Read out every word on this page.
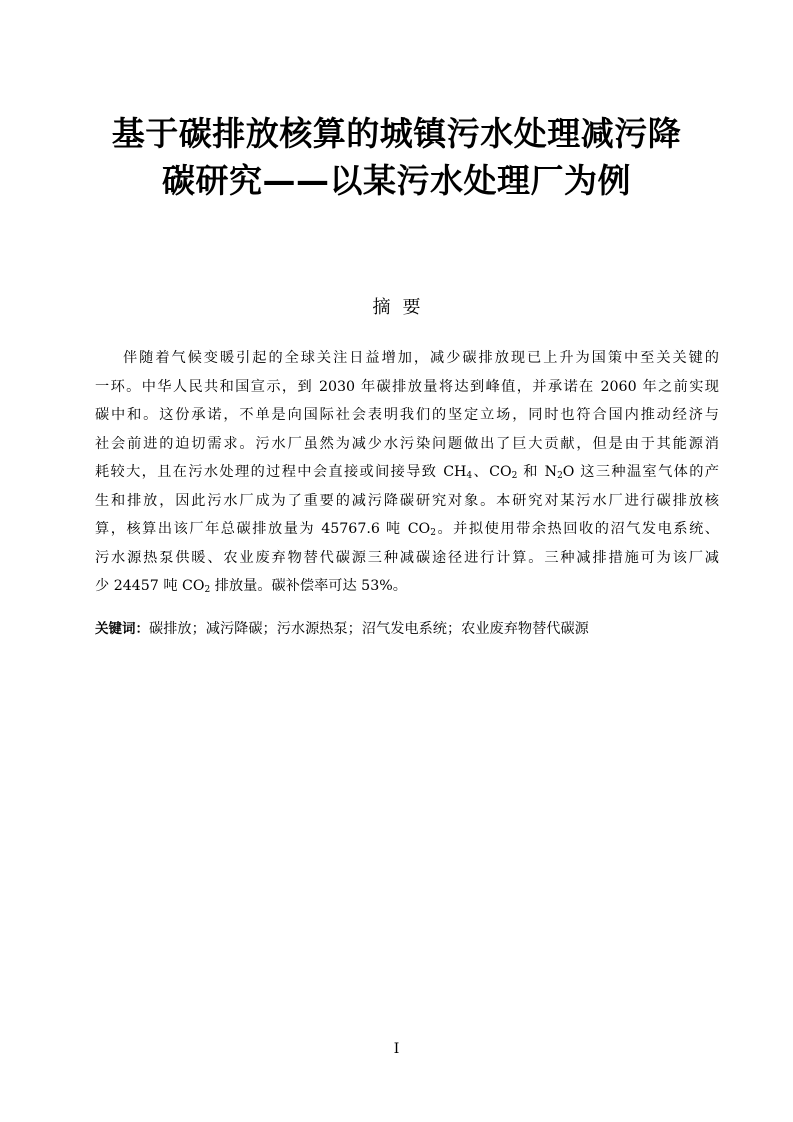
基于碳排放核算的城镇污水处理减污降
碳研究——以某污水处理厂为例
摘要
伴随着气候变暖引起的全球关注日益增加，减少碳排放现已上升为国策中至关关键的
一环。中华人民共和国宣示，到 2030 年碳排放量将达到峰值，并承诺在 2060 年之前实现
碳中和。这份承诺，不单是向国际社会表明我们的坚定立场，同时也符合国内推动经济与
社会前进的迫切需求。污水厂虽然为减少水污染问题做出了巨大贡献，但是由于其能源消
耗较大，且在污水处理的过程中会直接或间接导致 $CH_4$、$CO_2$ 和 $N_2O$ 这三种温室气体的产
生和排放，因此污水厂成为了重要的减污降碳研究对象。本研究对某污水厂进行碳排放核
算，核算出该厂年总碳排放量为 45767.6 吨 $CO_2$。并拟使用带余热回收的沼气发电系统、
污水源热泵供暖、农业废弃物替代碳源三种减碳途径进行计算。三种减排措施可为该厂减
少 24457 吨 $CO_2$ 排放量。碳补偿率可达 53%。
关键词：碳排放；减污降碳；污水源热泵；沼气发电系统；农业废弃物替代碳源
I
